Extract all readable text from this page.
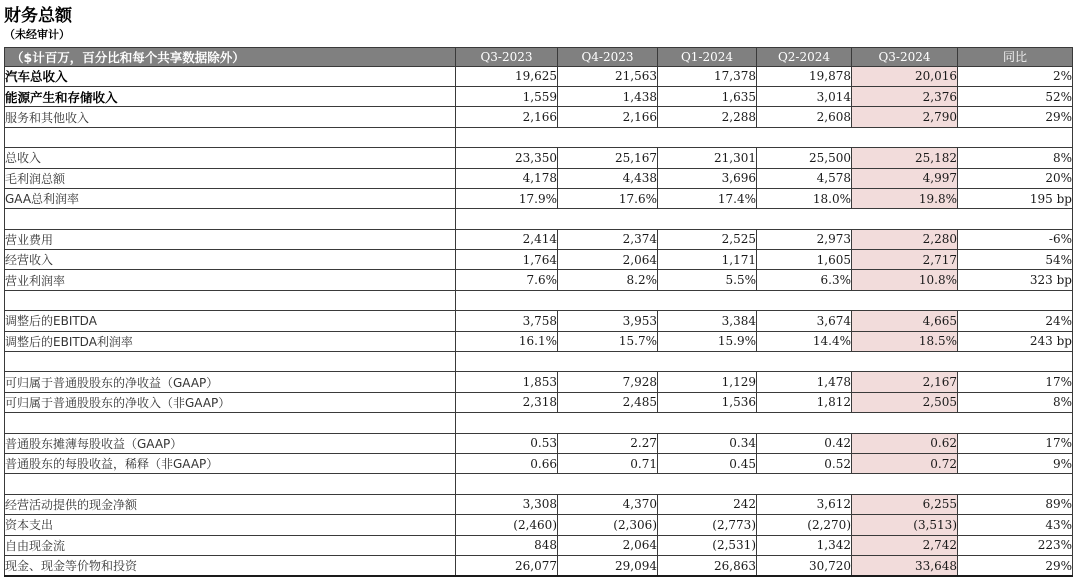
财务总额
（未经审计）
（$计百万，百分比和每个共享数据除外）	Q3-2023	Q4-2023	Q1-2024	Q2-2024	Q3-2024	同比
汽车总收入	19,625	21,563	17,378	19,878	20,016	2%
能源产生和存储收入	1,559	1,438	1,635	3,014	2,376	52%
服务和其他收入	2,166	2,166	2,288	2,608	2,790	29%

总收入	23,350	25,167	21,301	25,500	25,182	8%
毛利润总额	4,178	4,438	3,696	4,578	4,997	20%
GAA总利润率	17.9%	17.6%	17.4%	18.0%	19.8%	195 bp

营业费用	2,414	2,374	2,525	2,973	2,280	-6%
经营收入	1,764	2,064	1,171	1,605	2,717	54%
营业利润率	7.6%	8.2%	5.5%	6.3%	10.8%	323 bp

调整后的EBITDA	3,758	3,953	3,384	3,674	4,665	24%
调整后的EBITDA利润率	16.1%	15.7%	15.9%	14.4%	18.5%	243 bp

可归属于普通股股东的净收益（GAAP）	1,853	7,928	1,129	1,478	2,167	17%
可归属于普通股股东的净收入（非GAAP）	2,318	2,485	1,536	1,812	2,505	8%

普通股东摊薄每股收益（GAAP）	0.53	2.27	0.34	0.42	0.62	17%
普通股东的每股收益，稀释（非GAAP）	0.66	0.71	0.45	0.52	0.72	9%

经营活动提供的现金净额	3,308	4,370	242	3,612	6,255	89%
资本支出	(2,460)	(2,306)	(2,773)	(2,270)	(3,513)	43%
自由现金流	848	2,064	(2,531)	1,342	2,742	223%
现金、现金等价物和投资	26,077	29,094	26,863	30,720	33,648	29%
